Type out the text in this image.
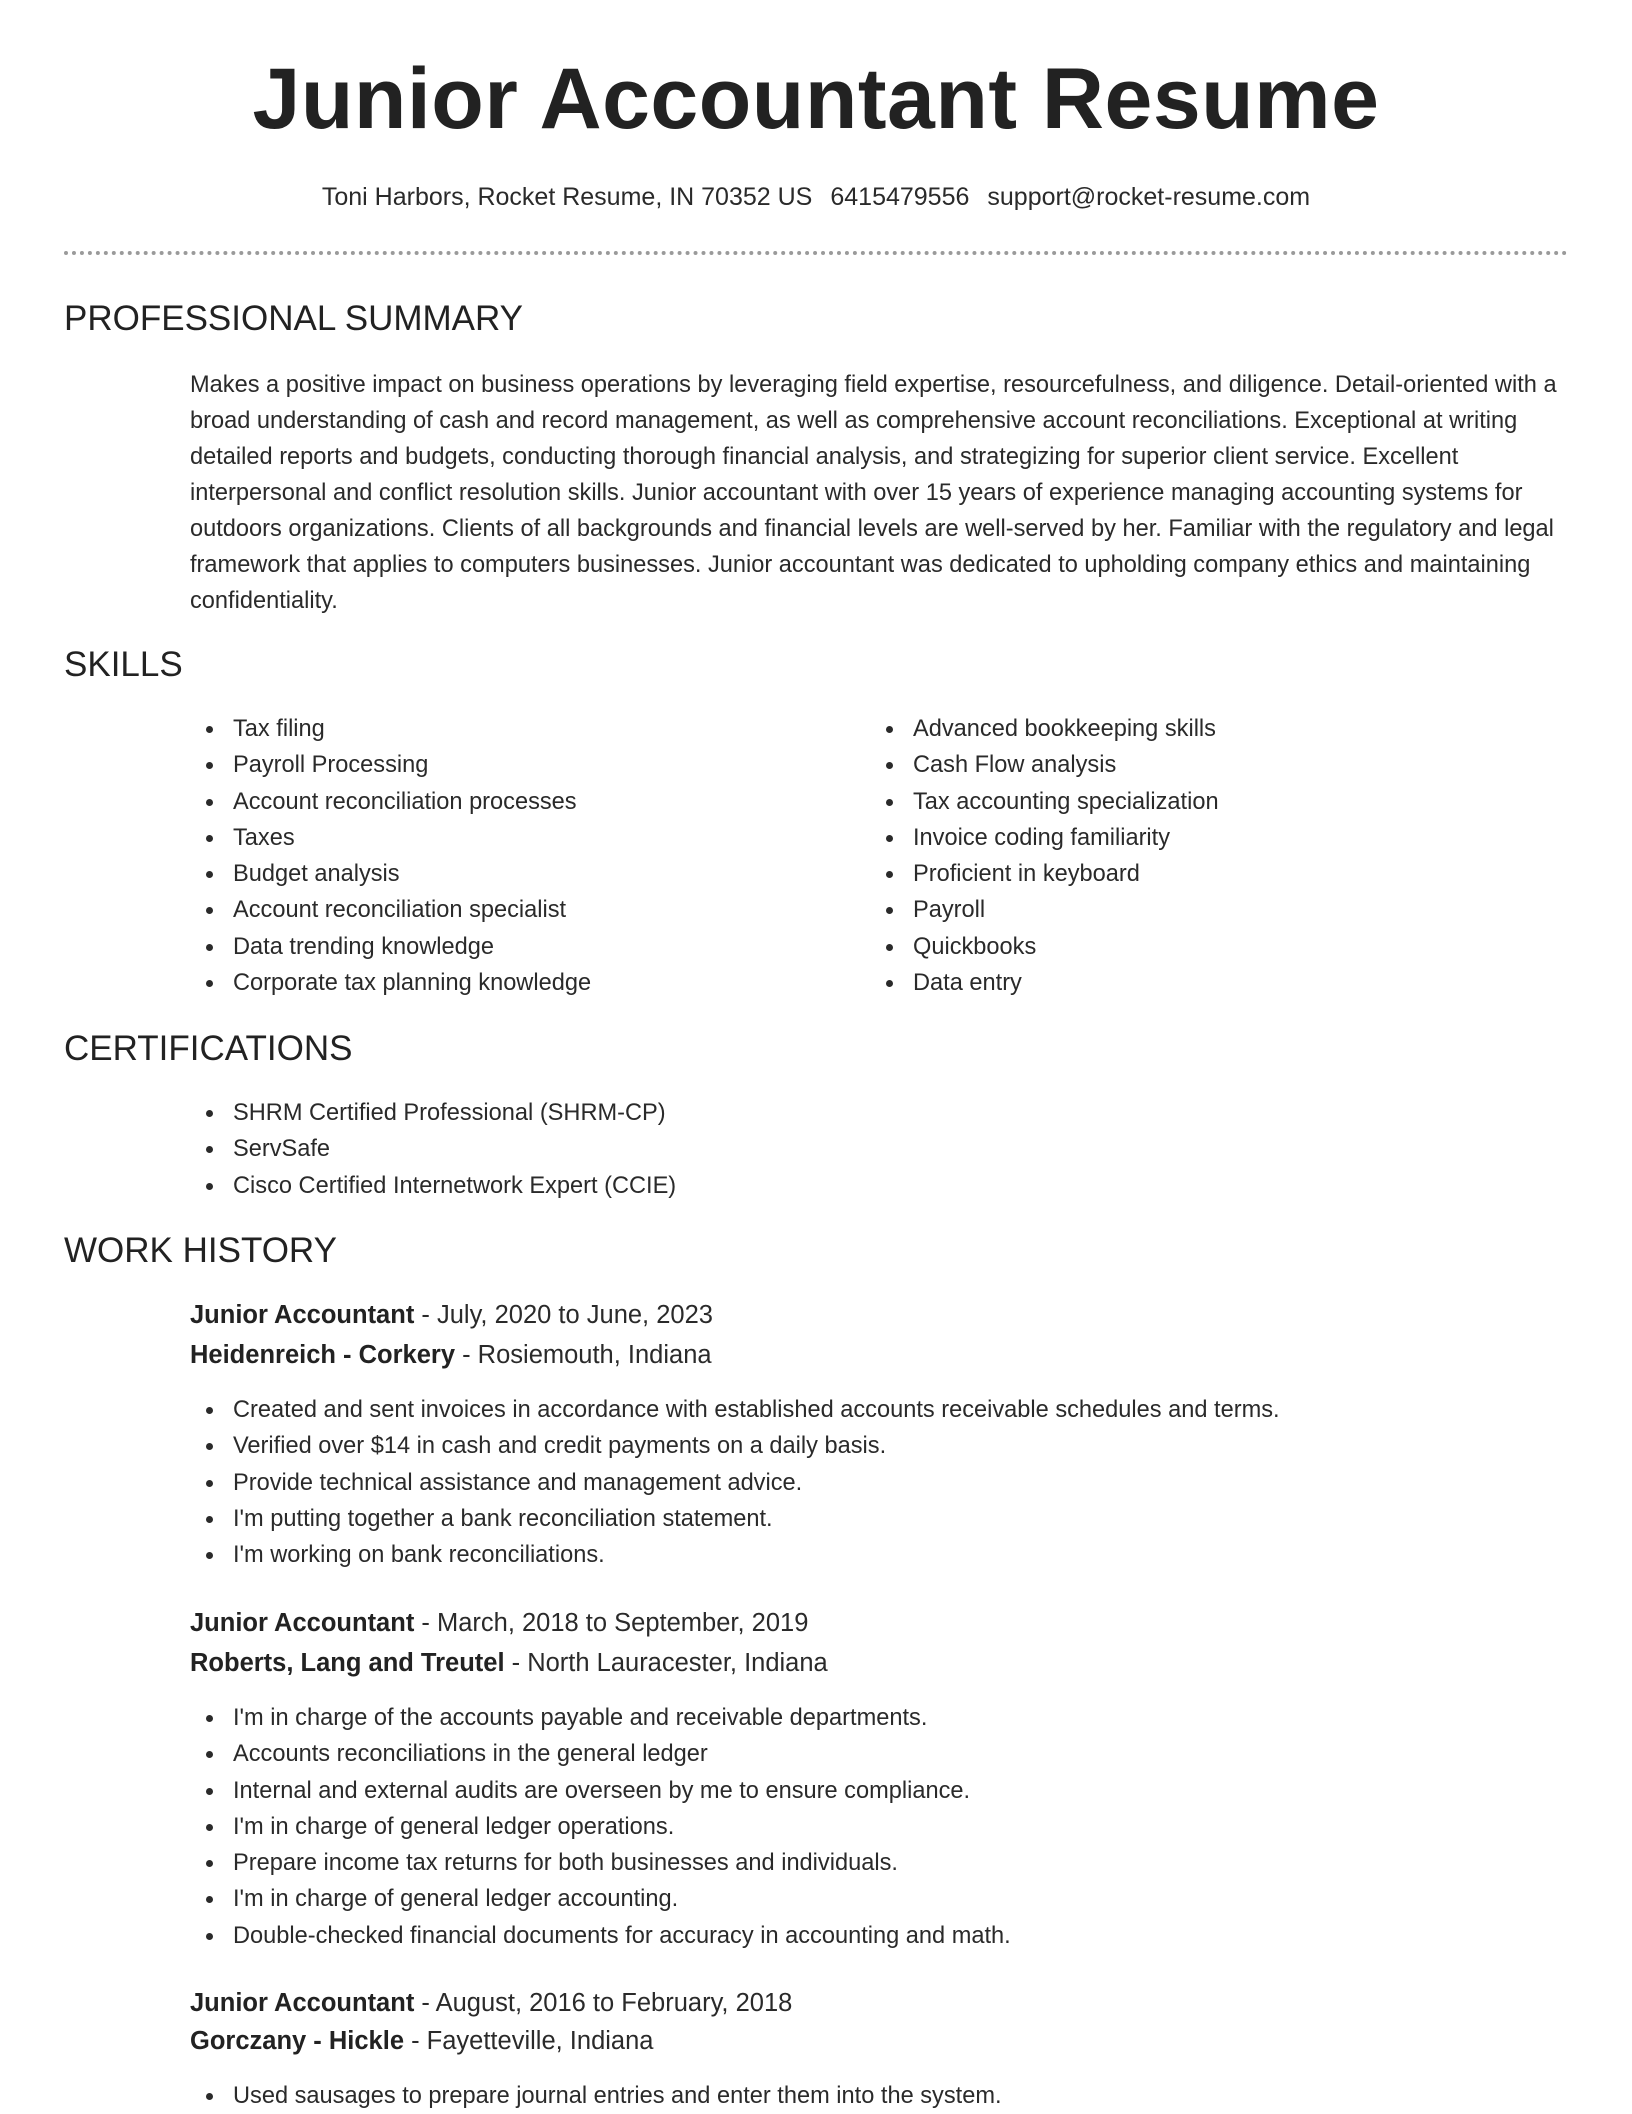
Junior Accountant Resume
Toni Harbors, Rocket Resume, IN 70352 US 6415479556 support@rocket-resume.com
PROFESSIONAL SUMMARY

Makes a positive impact on business operations by leveraging field expertise, resourcefulness, and diligence. Detail-oriented with a broad understanding of cash and record management, as well as comprehensive account reconciliations. Exceptional at writing detailed reports and budgets, conducting thorough financial analysis, and strategizing for superior client service. Excellent interpersonal and conflict resolution skills. Junior accountant with over 15 years of experience managing accounting systems for outdoors organizations. Clients of all backgrounds and financial levels are well-served by her. Familiar with the regulatory and legal framework that applies to computers businesses. Junior accountant was dedicated to upholding company ethics and maintaining confidentiality.

SKILLS
Tax filing
Payroll Processing
Account reconciliation processes
Taxes
Budget analysis
Account reconciliation specialist
Data trending knowledge
Corporate tax planning knowledge
Advanced bookkeeping skills
Cash Flow analysis
Tax accounting specialization
Invoice coding familiarity
Proficient in keyboard
Payroll
Quickbooks
Data entry
CERTIFICATIONS
SHRM Certified Professional (SHRM-CP)
ServSafe
Cisco Certified Internetwork Expert (CCIE)
WORK HISTORY
Junior Accountant - July, 2020 to June, 2023
Heidenreich - Corkery - Rosiemouth, Indiana
Created and sent invoices in accordance with established accounts receivable schedules and terms.
Verified over $14 in cash and credit payments on a daily basis.
Provide technical assistance and management advice.
I'm putting together a bank reconciliation statement.
I'm working on bank reconciliations.
Junior Accountant - March, 2018 to September, 2019
Roberts, Lang and Treutel - North Lauracester, Indiana
I'm in charge of the accounts payable and receivable departments.
Accounts reconciliations in the general ledger
Internal and external audits are overseen by me to ensure compliance.
I'm in charge of general ledger operations.
Prepare income tax returns for both businesses and individuals.
I'm in charge of general ledger accounting.
Double-checked financial documents for accuracy in accounting and math.
Junior Accountant - August, 2016 to February, 2018
Gorczany - Hickle - Fayetteville, Indiana
Used sausages to prepare journal entries and enter them into the system.
